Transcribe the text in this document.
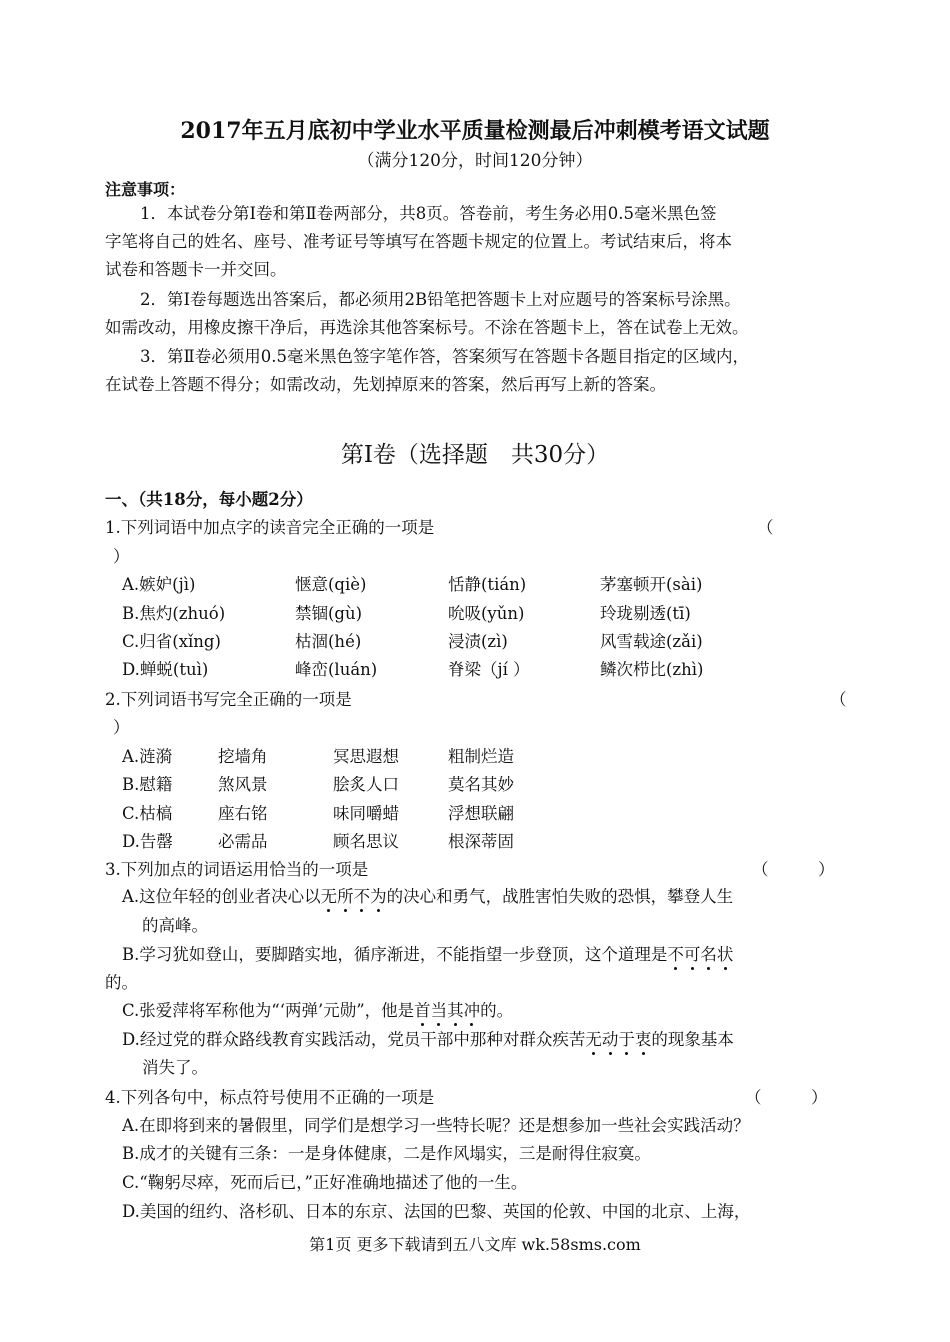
2017年五月底初中学业水平质量检测最后冲刺模考语文试题
（满分120分，时间120分钟）
注意事项：
1．本试卷分第Ⅰ卷和第Ⅱ卷两部分，共8页。答卷前，考生务必用0.5毫米黑色签
字笔将自己的姓名、座号、准考证号等填写在答题卡规定的位置上。考试结束后，将本
试卷和答题卡一并交回。
2．第Ⅰ卷每题选出答案后，都必须用2B铅笔把答题卡上对应题号的答案标号涂黑。
如需改动，用橡皮擦干净后，再选涂其他答案标号。不涂在答题卡上，答在试卷上无效。
3．第Ⅱ卷必须用0.5毫米黑色签字笔作答，答案须写在答题卡各题目指定的区域内，
在试卷上答题不得分；如需改动，先划掉原来的答案，然后再写上新的答案。
第Ⅰ卷（选择题　共30分）
一、（共18分，每小题2分）
1.下列词语中加点字的读音完全正确的一项是	（
）
A.嫉妒(jì)	惬意(qiè)	恬静(tián)	茅塞顿开(sài)
B.焦灼(zhuó)	禁锢(gù)	吮吸(yǔn)	玲珑剔透(tī)
C.归省(xǐng)	枯涸(hé)	浸渍(zì)	风雪载途(zǎi)
D.蝉蜕(tuì)	峰峦(luán)	脊梁（jí ）	鳞次栉比(zhì)
2.下列词语书写完全正确的一项是	（
）
A.涟漪	挖墙角	冥思遐想	粗制烂造
B.慰籍	煞风景	脍炙人口	莫名其妙
C.枯槁	座右铭	味同嚼蜡	浮想联翩
D.告罄	必需品	顾名思议	根深蒂固
3.下列加点的词语运用恰当的一项是	（　　　）
A.这位年轻的创业者决心以无所不为的决心和勇气，战胜害怕失败的恐惧，攀登人生
的高峰。
B.学习犹如登山，要脚踏实地，循序渐进，不能指望一步登顶，这个道理是不可名状
的。
C.张爱萍将军称他为“‘两弹’元勋”，他是首当其冲的。
D.经过党的群众路线教育实践活动，党员干部中那种对群众疾苦无动于衷的现象基本
消失了。
4.下列各句中，标点符号使用不正确的一项是	（　　　）
A.在即将到来的暑假里，同学们是想学习一些特长呢？还是想参加一些社会实践活动？
B.成才的关键有三条：一是身体健康，二是作风塌实，三是耐得住寂寞。
C.“鞠躬尽瘁，死而后已，”正好准确地描述了他的一生。
D.美国的纽约、洛杉矶、日本的东京、法国的巴黎、英国的伦敦、中国的北京、上海，
第1页 更多下载请到五八文库 wk.58sms.com
